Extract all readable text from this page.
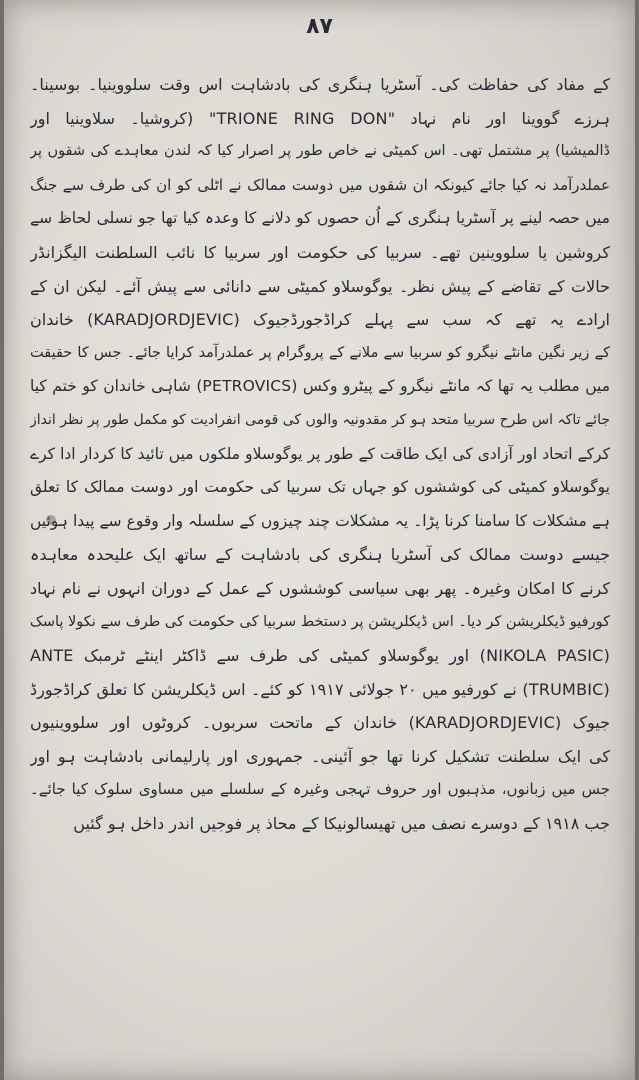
۸۷
کے مفاد کی حفاظت کی۔ آسٹریا ہنگری کی بادشاہت اس وقت سلووینیا۔ بوسینا۔
ہرزے گووینا اور نام نہاد "TRIONE RING DON" (کروشیا۔ سلاوینیا اور
ڈالمیشیا) پر مشتمل تھی۔ اس کمیٹی نے خاص طور پر اصرار کیا کہ لندن معاہدے کی شقوں پر
عملدرآمد نہ کیا جائے کیونکہ ان شقوں میں دوست ممالک نے اٹلی کو ان کی طرف سے جنگ
میں حصہ لینے پر آسٹریا ہنگری کے اُن حصوں کو دلانے کا وعدہ کیا تھا جو نسلی لحاظ سے
کروشین یا سلووینین تھے۔ سربیا کی حکومت اور سربیا کا نائب السلطنت الیگزانڈر
حالات کے تقاضے کے پیش نظر۔ یوگوسلاو کمیٹی سے دانائی سے پیش آئے۔ لیکن ان کے
ارادے یہ تھے کہ سب سے پہلے کراڈجورڈجیوک (KARADJORDJEVIC) خاندان
کے زیر نگین مانٹے نیگرو کو سربیا سے ملانے کے پروگرام پر عملدرآمد کرایا جائے۔ جس کا حقیقت
میں مطلب یہ تھا کہ مانٹے نیگرو کے پیٹرو وکس (PETROVICS) شاہی خاندان کو ختم کیا
جائے تاکہ اس طرح سربیا متحد ہو کر مقدونیہ والوں کی قومی انفرادیت کو مکمل طور پر نظر انداز
کرکے اتحاد اور آزادی کی ایک طاقت کے طور پر یوگوسلاو ملکوں میں تائید کا کردار ادا کرے
یوگوسلاو کمیٹی کی کوششوں کو جہاں تک سربیا کی حکومت اور دوست ممالک کا تعلق
ہے مشکلات کا سامنا کرنا پڑا۔ یہ مشکلات چند چیزوں کے سلسلہ وار وقوع سے پیدا ہوئیں
جیسے دوست ممالک کی آسٹریا ہنگری کی بادشاہت کے ساتھ ایک علیحدہ معاہدہ
کرنے کا امکان وغیرہ۔ پھر بھی سیاسی کوششوں کے عمل کے دوران انہوں نے نام نہاد
کورفیو ڈیکلریشن کر دیا۔ اس ڈیکلریشن پر دستخط سربیا کی حکومت کی طرف سے نکولا پاسک
(NIKOLA PASIC) اور یوگوسلاو کمیٹی کی طرف سے ڈاکٹر اینٹے ٹرمبک ANTE
(TRUMBIC) نے کورفیو میں ۲۰ جولائی ۱۹۱۷ کو کئے۔ اس ڈیکلریشن کا تعلق کراڈجورڈ
جیوک (KARADJORDJEVIC) خاندان کے ماتحت سربوں۔ کروٹوں اور سلووینیوں
کی ایک سلطنت تشکیل کرنا تھا جو آئینی۔ جمہوری اور پارلیمانی بادشاہت ہو اور
جس میں زبانوں، مذہبوں اور حروف تہجی وغیرہ کے سلسلے میں مساوی سلوک کیا جائے۔
جب ۱۹۱۸ کے دوسرے نصف میں تھیسالونیکا کے محاذ پر فوجیں اندر داخل ہو گئیں
